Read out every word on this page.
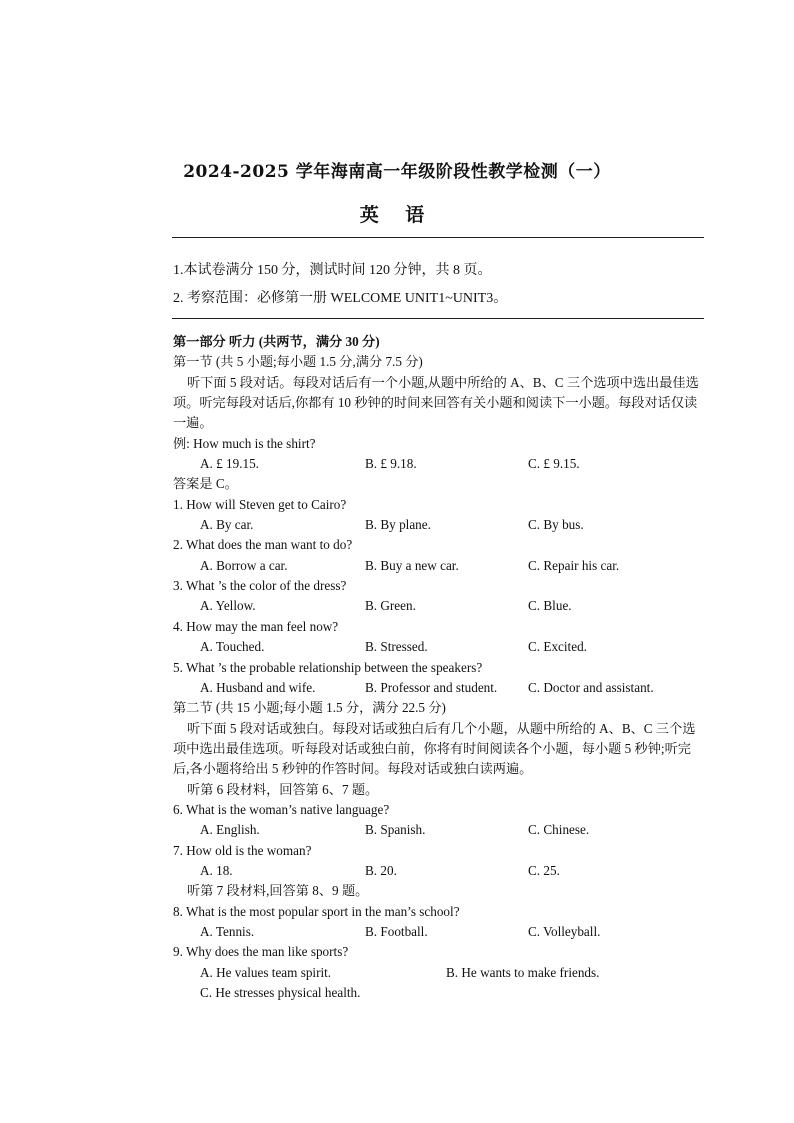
2024-2025 学年海南高一年级阶段性教学检测（一）
英 语
1.本试卷满分 150 分，测试时间 120 分钟，共 8 页。
2. 考察范围：必修第一册 WELCOME UNIT1~UNIT3。
第一部分 听力 (共两节，满分 30 分)
第一节 (共 5 小题;每小题 1.5 分,满分 7.5 分)
听下面 5 段对话。每段对话后有一个小题,从题中所给的 A、B、C 三个选项中选出最佳选
项。听完每段对话后,你都有 10 秒钟的时间来回答有关小题和阅读下一小题。每段对话仅读
一遍。
例: How much is the shirt?
A. £ 19.15.	B. £ 9.18.	C. £ 9.15.
答案是 C。
1. How will Steven get to Cairo?
A. By car.	B. By plane.	C. By bus.
2. What does the man want to do?
A. Borrow a car.	B. Buy a new car.	C. Repair his car.
3. What ’s the color of the dress?
A. Yellow.	B. Green.	C. Blue.
4. How may the man feel now?
A. Touched.	B. Stressed.	C. Excited.
5. What ’s the probable relationship between the speakers?
A. Husband and wife.	B. Professor and student. C. Doctor and assistant.
第二节 (共 15 小题;每小题 1.5 分，满分 22.5 分)
听下面 5 段对话或独白。每段对话或独白后有几个小题，从题中所给的 A、B、C 三个选
项中选出最佳选项。听每段对话或独白前，你将有时间阅读各个小题，每小题 5 秒钟;听完
后,各小题将给出 5 秒钟的作答时间。每段对话或独白读两遍。
听第 6 段材料，回答第 6、7 题。
6. What is the woman’s native language?
A. English.	B. Spanish.	C. Chinese.
7. How old is the woman?
A. 18.	B. 20.	C. 25.
听第 7 段材料,回答第 8、9 题。
8. What is the most popular sport in the man’s school?
A. Tennis.	B. Football.	C. Volleyball.
9. Why does the man like sports?
A. He values team spirit.	B. He wants to make friends.
C. He stresses physical health.
